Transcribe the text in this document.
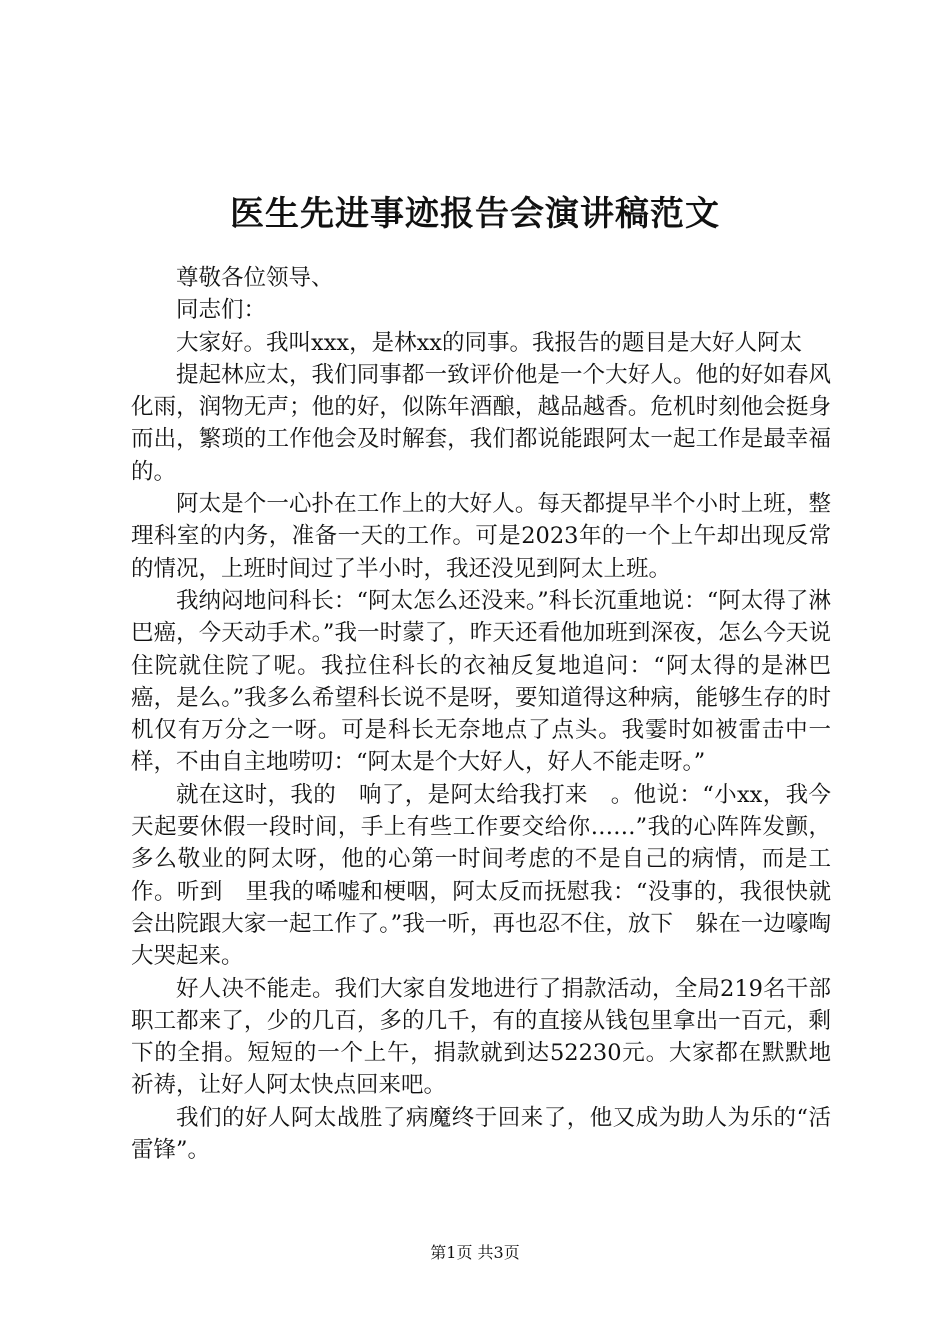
医生先进事迹报告会演讲稿范文

尊敬各位领导、

同志们：

大家好。我叫xxx，是林xx的同事。我报告的题目是大好人阿太

提起林应太，我们同事都一致评价他是一个大好人。他的好如春风化雨，润物无声；他的好，似陈年酒酿，越品越香。危机时刻他会挺身而出，繁琐的工作他会及时解套，我们都说能跟阿太一起工作是最幸福的。

阿太是个一心扑在工作上的大好人。每天都提早半个小时上班，整理科室的内务，准备一天的工作。可是2023年的一个上午却出现反常的情况，上班时间过了半小时，我还没见到阿太上班。

我纳闷地问科长：“阿太怎么还没来。”科长沉重地说：“阿太得了淋巴癌，今天动手术。”我一时蒙了，昨天还看他加班到深夜，怎么今天说住院就住院了呢。我拉住科长的衣袖反复地追问：“阿太得的是淋巴癌，是么。”我多么希望科长说不是呀，要知道得这种病，能够生存的时机仅有万分之一呀。可是科长无奈地点了点头。我霎时如被雷击中一样，不由自主地唠叨：“阿太是个大好人，好人不能走呀。”

就在这时，我的　响了，是阿太给我打来　。他说：“小xx，我今天起要休假一段时间，手上有些工作要交给你……”我的心阵阵发颤，多么敬业的阿太呀，他的心第一时间考虑的不是自己的病情，而是工作。听到　里我的唏嘘和梗咽，阿太反而抚慰我：“没事的，我很快就会出院跟大家一起工作了。”我一听，再也忍不住，放下　躲在一边嚎啕大哭起来。

好人决不能走。我们大家自发地进行了捐款活动，全局219名干部职工都来了，少的几百，多的几千，有的直接从钱包里拿出一百元，剩下的全捐。短短的一个上午，捐款就到达52230元。大家都在默默地祈祷，让好人阿太快点回来吧。

我们的好人阿太战胜了病魔终于回来了，他又成为助人为乐的“活雷锋”。

第1页 共3页
